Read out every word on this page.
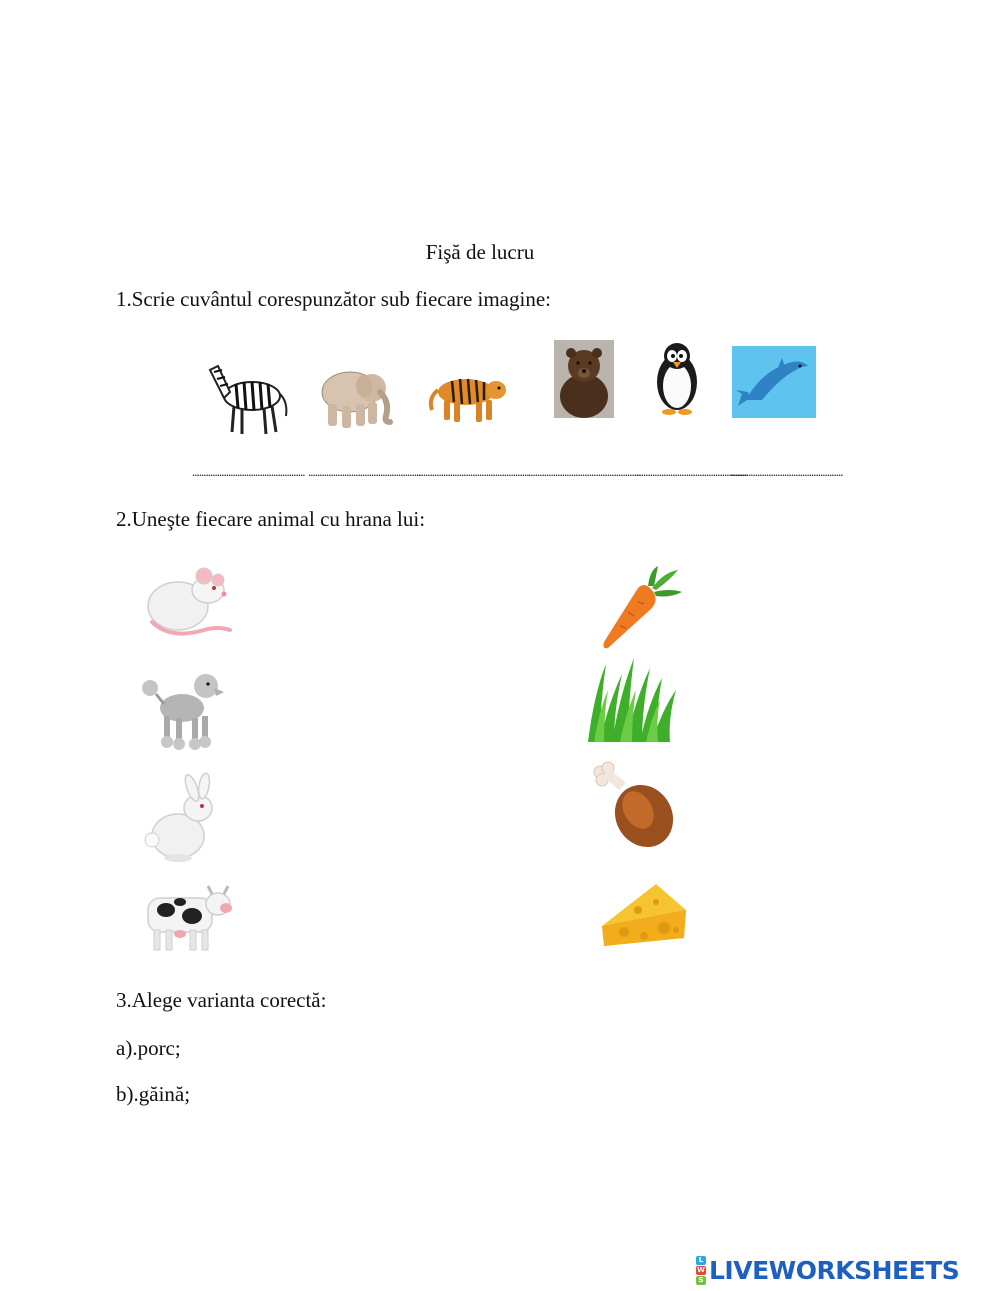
Fişă de lucru
1.Scrie cuvântul corespunzător sub fiecare imagine:
.................................................. ..................................................
.................................................. ..................................................
..................................................
..................................................
2.Uneşte fiecare animal cu hrana lui:
3.Alege varianta corectă:
a).porc;
b).găină;
L
W
S LIVEWORKSHEETS
